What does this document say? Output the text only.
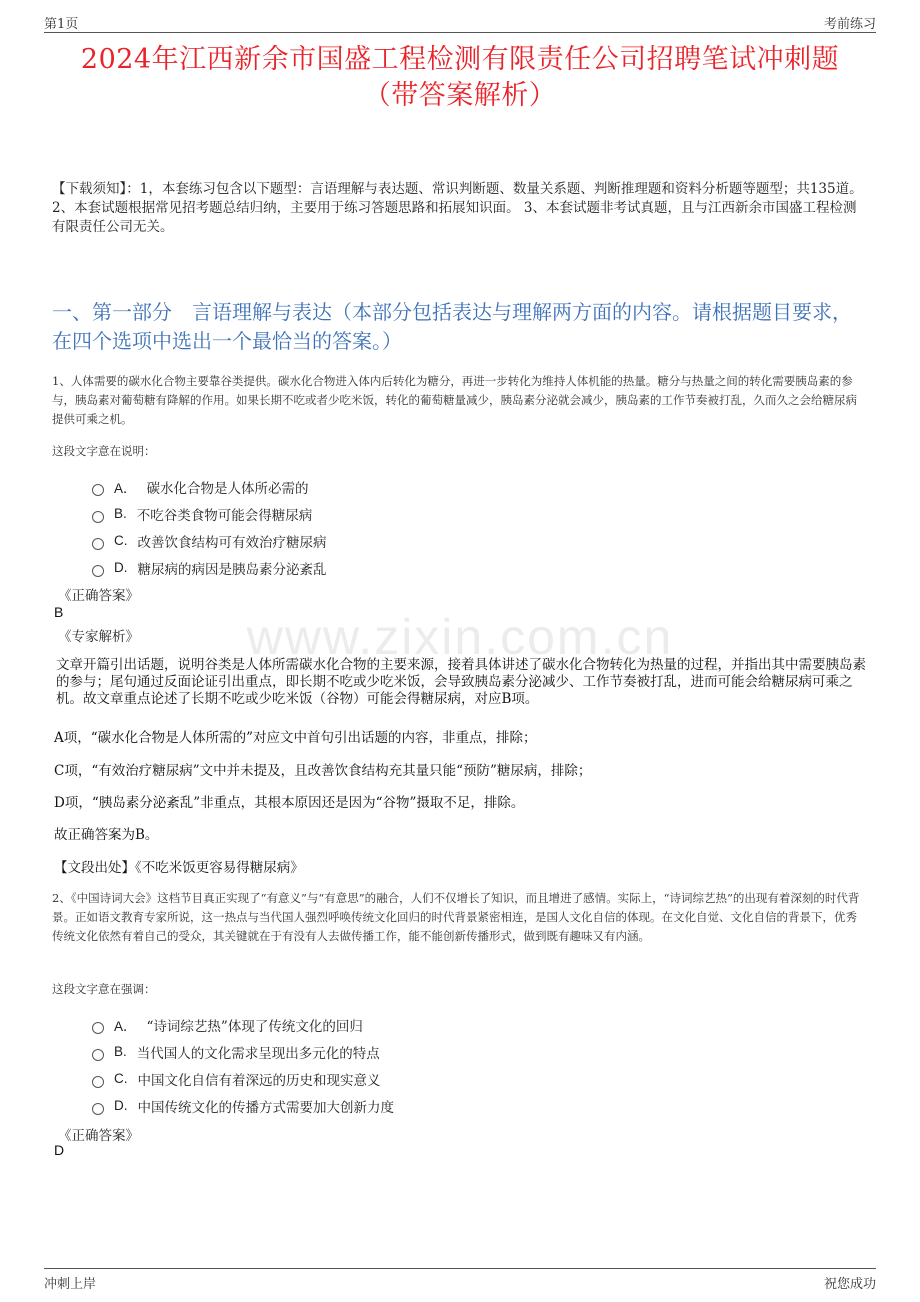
第1页	考前练习
2024年江西新余市国盛工程检测有限责任公司招聘笔试冲刺题
（带答案解析）
【下载须知】：1，本套练习包含以下题型：言语理解与表达题、常识判断题、数量关系题、判断推理题和资料分析题等题型；共135道。 2、本套试题根据常见招考题总结归纳，主要用于练习答题思路和拓展知识面。 3、本套试题非考试真题，且与江西新余市国盛工程检测有限责任公司无关。
一、第一部分　言语理解与表达（本部分包括表达与理解两方面的内容。请根据题目要求，在四个选项中选出一个最恰当的答案。）
1、人体需要的碳水化合物主要靠谷类提供。碳水化合物进入体内后转化为糖分，再进一步转化为维持人体机能的热量。糖分与热量之间的转化需要胰岛素的参与，胰岛素对葡萄糖有降解的作用。如果长期不吃或者少吃米饭，转化的葡萄糖量减少，胰岛素分泌就会减少，胰岛素的工作节奏被打乱，久而久之会给糖尿病提供可乘之机。
这段文字意在说明：
A． 碳水化合物是人体所必需的
B. 不吃谷类食物可能会得糖尿病
C. 改善饮食结构可有效治疗糖尿病
D. 糖尿病的病因是胰岛素分泌紊乱
《正确答案》
B
《专家解析》	www.zixin.com.cn
文章开篇引出话题，说明谷类是人体所需碳水化合物的主要来源，接着具体讲述了碳水化合物转化为热量的过程，并指出其中需要胰岛素的参与；尾句通过反面论证引出重点，即长期不吃或少吃米饭，会导致胰岛素分泌减少、工作节奏被打乱，进而可能会给糖尿病可乘之机。故文章重点论述了长期不吃或少吃米饭（谷物）可能会得糖尿病，对应B项。
A项，“碳水化合物是人体所需的”对应文中首句引出话题的内容，非重点，排除；
C项，“有效治疗糖尿病”文中并未提及，且改善饮食结构充其量只能“预防”糖尿病，排除；
D项，“胰岛素分泌紊乱”非重点，其根本原因还是因为“谷物”摄取不足，排除。
故正确答案为B。
【文段出处】《不吃米饭更容易得糖尿病》
2、《中国诗词大会》这档节目真正实现了“有意义”与“有意思”的融合，人们不仅增长了知识，而且增进了感情。实际上，“诗词综艺热”的出现有着深刻的时代背景。正如语文教育专家所说，这一热点与当代国人强烈呼唤传统文化回归的时代背景紧密相连，是国人文化自信的体现。在文化自觉、文化自信的背景下，优秀传统文化依然有着自己的受众，其关键就在于有没有人去做传播工作，能不能创新传播形式，做到既有趣味又有内涵。
这段文字意在强调：
A． “诗词综艺热”体现了传统文化的回归
B. 当代国人的文化需求呈现出多元化的特点
C. 中国文化自信有着深远的历史和现实意义
D. 中国传统文化的传播方式需要加大创新力度
《正确答案》
D
冲刺上岸	祝您成功
